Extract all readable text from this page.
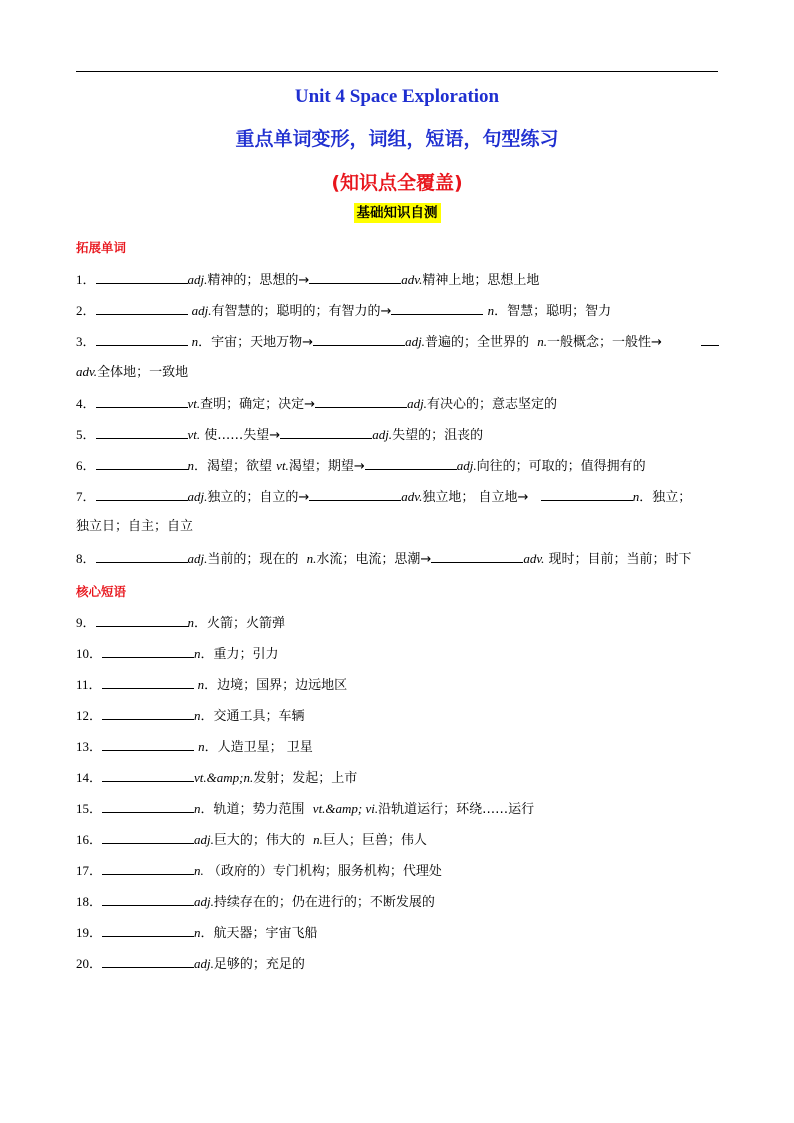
Unit 4 Space Exploration
重点单词变形，词组，短语，句型练习
(知识点全覆盖)
基础知识自测
拓展单词
1．	adj.精神的；思想的→	adv.精神上地；思想上地
2．	adj.有智慧的；聪明的；有智力的→	n．智慧；聪明；智力
3．	n．宇宙；天地万物→	adj.普遍的；全世界的 n.一般概念；一般性→
adv.全体地；一致地
4．	vt.查明；确定；决定→	adj.有决心的；意志坚定的
5．	vt. 使……失望→	adj.失望的；沮丧的
6．	n．渴望；欲望 vt.渴望；期望→	adj.向往的；可取的；值得拥有的
7．	adj.独立的；自立的→	adv.独立地； 自立地→	n．独立；
独立日；自主；自立
8．	adj.当前的；现在的 n.水流；电流；思潮→	adv. 现时；目前；当前；时下
核心短语
9．	n．火箭；火箭弹
10．	n．重力；引力
11．	n．边境；国界；边远地区
12．	n．交通工具；车辆
13．	n．人造卫星； 卫星
14．	vt.&amp;n.发射；发起；上市
15．	n．轨道；势力范围 vt.&amp; vi.沿轨道运行；环绕……运行
16．	adj.巨大的；伟大的 n.巨人；巨兽；伟人
17．	n. （政府的）专门机构；服务机构；代理处
18．	adj.持续存在的；仍在进行的；不断发展的
19．	n．航天器；宇宙飞船
20．	adj.足够的；充足的
